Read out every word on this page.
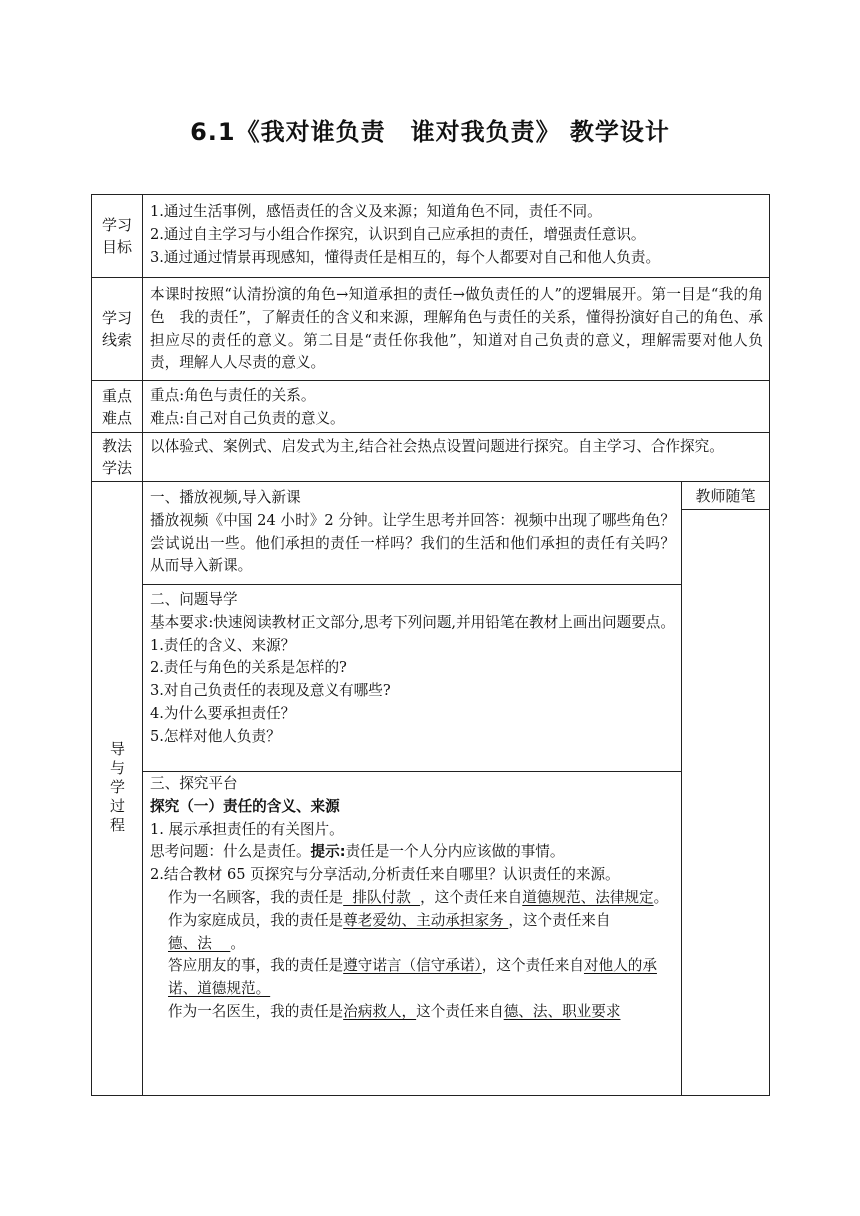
6.1《我对谁负责　谁对我负责》 教学设计
学习目标

1.通过生活事例，感悟责任的含义及来源；知道角色不同，责任不同。

2.通过自主学习与小组合作探究，认识到自己应承担的责任，增强责任意识。

3.通过通过情景再现感知，懂得责任是相互的，每个人都要对自己和他人负责。

学习线索

本课时按照“认清扮演的角色→知道承担的责任→做负责任的人”的逻辑展开。第一目是“我的角色　我的责任”，了解责任的含义和来源，理解角色与责任的关系，懂得扮演好自己的角色、承担应尽的责任的意义。第二目是“责任你我他”，知道对自己负责的意义，理解需要对他人负责，理解人人尽责的意义。

重点难点

重点:角色与责任的关系。

难点:自己对自己负责的意义。

教法学法

以体验式、案例式、启发式为主,结合社会热点设置问题进行探究。自主学习、合作探究。

导与学过程
教师随笔

一、播放视频,导入新课

播放视频《中国 24 小时》2 分钟。让学生思考并回答：视频中出现了哪些角色？尝试说出一些。他们承担的责任一样吗？我们的生活和他们承担的责任有关吗？从而导入新课。

二、问题导学

基本要求:快速阅读教材正文部分,思考下列问题,并用铅笔在教材上画出问题要点。

1.责任的含义、来源？

2.责任与角色的关系是怎样的?

3.对自己负责任的表现及意义有哪些?

4.为什么要承担责任？

5.怎样对他人负责？

三、探究平台

探究（一）责任的含义、来源

1. 展示承担责任的有关图片。

思考问题：什么是责任。提示:责任是一个人分内应该做的事情。

2.结合教材 65 页探究与分享活动,分析责任来自哪里？认识责任的来源。

作为一名顾客，我的责任是  排队付款  ，这个责任来自道德规范、法律规定。

作为家庭成员，我的责任是尊老爱幼、主动承担家务 ，这个责任来自德、法    。

答应朋友的事，我的责任是遵守诺言（信守承诺），这个责任来自对他人的承诺、道德规范。

作为一名医生，我的责任是治病救人，这个责任来自德、法、职业要求
